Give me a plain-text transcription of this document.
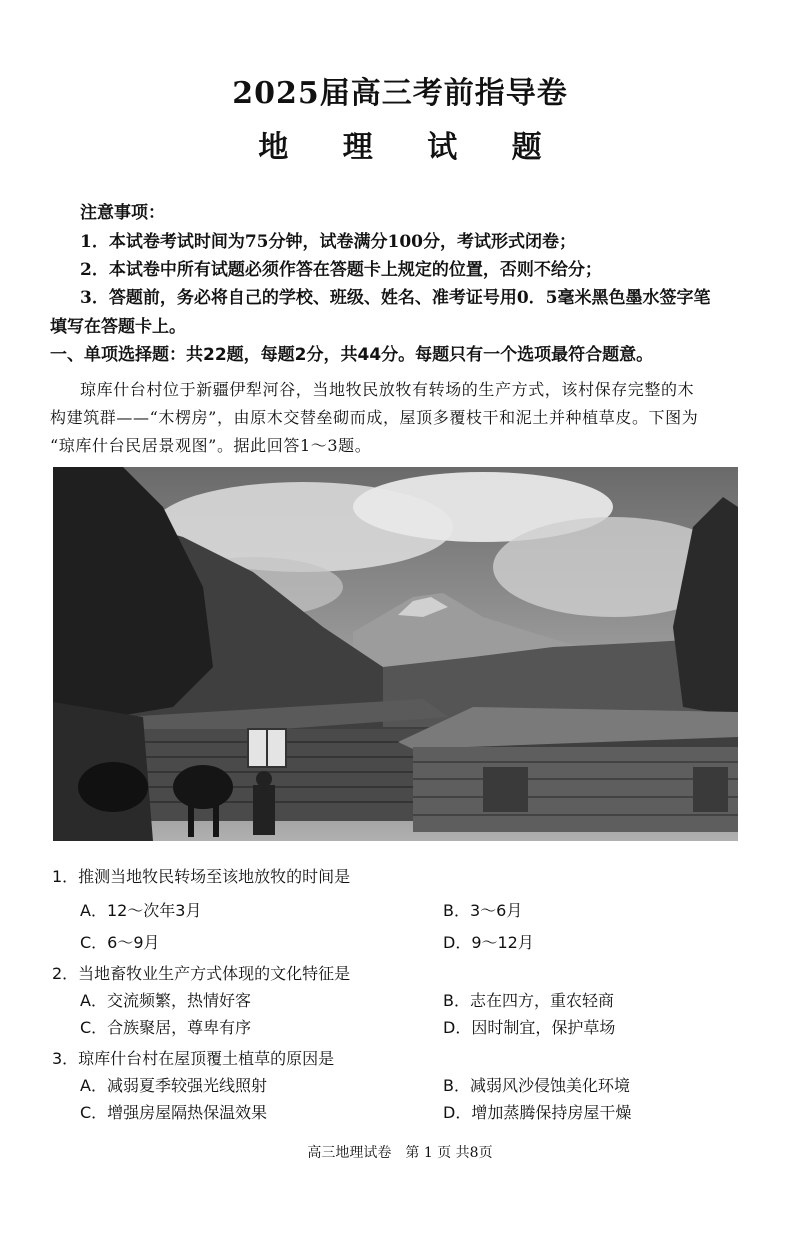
2025届高三考前指导卷
地 理 试 题
注意事项：
1．本试卷考试时间为75分钟，试卷满分100分，考试形式闭卷；
2．本试卷中所有试题必须作答在答题卡上规定的位置，否则不给分；
3．答题前，务必将自己的学校、班级、姓名、准考证号用0．5毫米黑色墨水签字笔
填写在答题卡上。
一、单项选择题：共22题，每题2分，共44分。每题只有一个选项最符合题意。
琼库什台村位于新疆伊犁河谷，当地牧民放牧有转场的生产方式，该村保存完整的木
构建筑群——“木楞房”，由原木交替垒砌而成，屋顶多覆枝干和泥土并种植草皮。下图为
“琼库什台民居景观图”。据此回答1～3题。
1．推测当地牧民转场至该地放牧的时间是
A．12～次年3月	B．3～6月
C．6～9月	D．9～12月
2．当地畜牧业生产方式体现的文化特征是
A．交流频繁，热情好客	B．志在四方，重农轻商
C．合族聚居，尊卑有序	D．因时制宜，保护草场
3．琼库什台村在屋顶覆土植草的原因是
A．减弱夏季较强光线照射	B．减弱风沙侵蚀美化环境
C．增强房屋隔热保温效果	D．增加蒸腾保持房屋干燥
高三地理试卷　第 1 页 共8页
